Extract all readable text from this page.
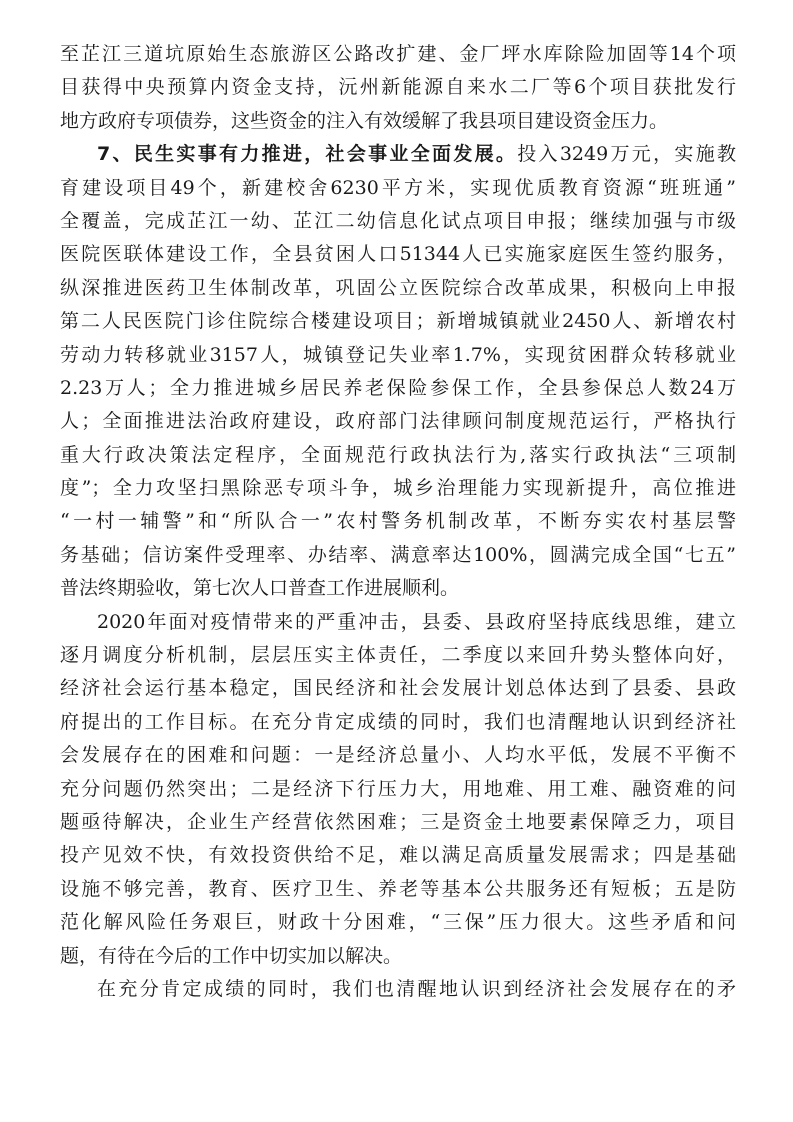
至芷江三道坑原始生态旅游区公路改扩建、金厂坪水库除险加固等14个项
目获得中央预算内资金支持，沅州新能源自来水二厂等6个项目获批发行
地方政府专项债券，这些资金的注入有效缓解了我县项目建设资金压力。
7、民生实事有力推进，社会事业全面发展。投入3249万元，实施教
育建设项目49个，新建校舍6230平方米，实现优质教育资源“班班通”
全覆盖，完成芷江一幼、芷江二幼信息化试点项目申报；继续加强与市级
医院医联体建设工作，全县贫困人口51344人已实施家庭医生签约服务，
纵深推进医药卫生体制改革，巩固公立医院综合改革成果，积极向上申报
第二人民医院门诊住院综合楼建设项目；新增城镇就业2450人、新增农村
劳动力转移就业3157人，城镇登记失业率1.7%，实现贫困群众转移就业
2.23万人；全力推进城乡居民养老保险参保工作，全县参保总人数24万
人；全面推进法治政府建设，政府部门法律顾问制度规范运行，严格执行
重大行政决策法定程序，全面规范行政执法行为,落实行政执法“三项制
度”；全力攻坚扫黑除恶专项斗争，城乡治理能力实现新提升，高位推进
“一村一辅警”和“所队合一”农村警务机制改革，不断夯实农村基层警
务基础；信访案件受理率、办结率、满意率达100%，圆满完成全国“七五”
普法终期验收，第七次人口普查工作进展顺利。
2020年面对疫情带来的严重冲击，县委、县政府坚持底线思维，建立
逐月调度分析机制，层层压实主体责任，二季度以来回升势头整体向好，
经济社会运行基本稳定，国民经济和社会发展计划总体达到了县委、县政
府提出的工作目标。在充分肯定成绩的同时，我们也清醒地认识到经济社
会发展存在的困难和问题：一是经济总量小、人均水平低，发展不平衡不
充分问题仍然突出；二是经济下行压力大，用地难、用工难、融资难的问
题亟待解决，企业生产经营依然困难；三是资金土地要素保障乏力，项目
投产见效不快，有效投资供给不足，难以满足高质量发展需求；四是基础
设施不够完善，教育、医疗卫生、养老等基本公共服务还有短板；五是防
范化解风险任务艰巨，财政十分困难，“三保”压力很大。这些矛盾和问
题，有待在今后的工作中切实加以解决。
在充分肯定成绩的同时，我们也清醒地认识到经济社会发展存在的矛
